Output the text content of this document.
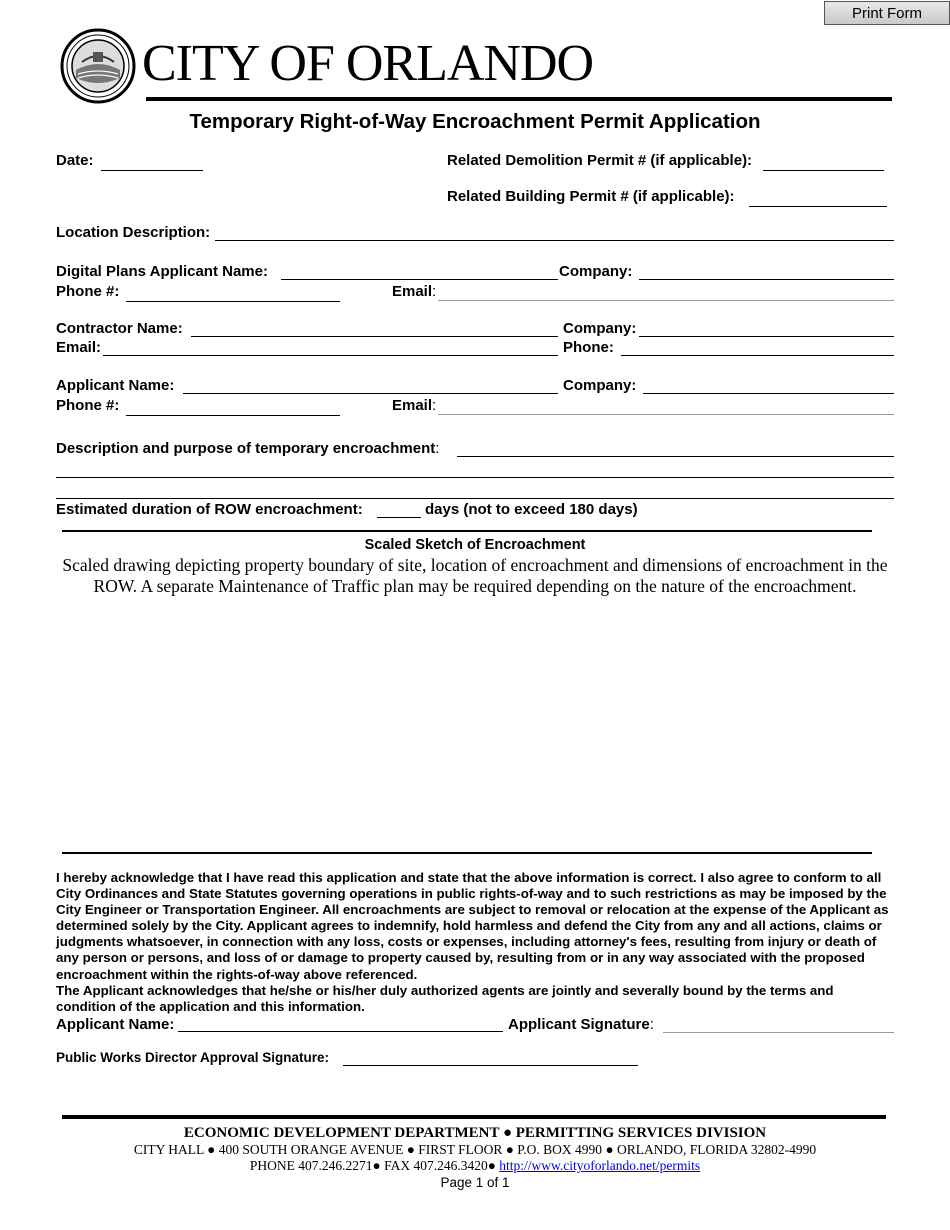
Print Form
CITY OF ORLANDO
Temporary Right-of-Way Encroachment Permit Application
Date:	Related Demolition Permit # (if applicable):
Related Building Permit # (if applicable):
Location Description:
Digital Plans Applicant Name:	Company:
Phone #:	Email:
Contractor Name:	Company:
Email:	Phone:
Applicant Name:	Company:
Phone #:	Email:
Description and purpose of temporary encroachment:
Estimated duration of ROW encroachment:	days (not to exceed 180 days)
Scaled Sketch of Encroachment
Scaled drawing depicting property boundary of site, location of encroachment and dimensions of encroachment in the ROW. A separate Maintenance of Traffic plan may be required depending on the nature of the encroachment.
I hereby acknowledge that I have read this application and state that the above information is correct. I also agree to conform to all City Ordinances and State Statutes governing operations in public rights-of-way and to such restrictions as may be imposed by the City Engineer or Transportation Engineer. All encroachments are subject to removal or relocation at the expense of the Applicant as determined solely by the City. Applicant agrees to indemnify, hold harmless and defend the City from any and all actions, claims or judgments whatsoever, in connection with any loss, costs or expenses, including attorney's fees, resulting from injury or death of any person or persons, and loss of or damage to property caused by, resulting from or in any way associated with the proposed encroachment within the rights-of-way above referenced.
The Applicant acknowledges that he/she or his/her duly authorized agents are jointly and severally bound by the terms and condition of the application and this information.
Applicant Name:	Applicant Signature:
Public Works Director Approval Signature:
ECONOMIC DEVELOPMENT DEPARTMENT ● PERMITTING SERVICES DIVISION
CITY HALL ● 400 SOUTH ORANGE AVENUE ● FIRST FLOOR ● P.O. BOX 4990 ● ORLANDO, FLORIDA 32802-4990
PHONE 407.246.2271● FAX 407.246.3420● http://www.cityoforlando.net/permits
Page 1 of 1
